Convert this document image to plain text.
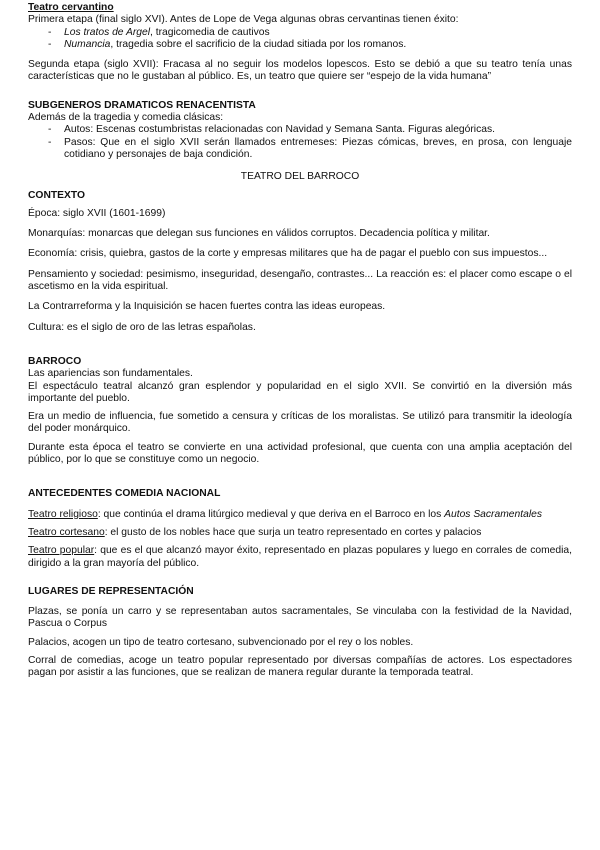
Teatro cervantino

Primera etapa (final siglo XVI). Antes de Lope de Vega algunas obras cervantinas tienen éxito:

- Los tratos de Argel, tragicomedia de cautivos
- Numancia, tragedia sobre el sacrificio de la ciudad sitiada por los romanos.

Segunda etapa (siglo XVII): Fracasa al no seguir los modelos lopescos. Esto se debió a que su teatro tenía unas características que no le gustaban al público. Es, un teatro que quiere ser “espejo de la vida humana”

SUBGENEROS DRAMATICOS RENACENTISTA

Además de la tragedia y comedia clásicas:

- Autos: Escenas costumbristas relacionadas con Navidad y Semana Santa. Figuras alegóricas.
- Pasos: Que en el siglo XVII serán llamados entremeses: Piezas cómicas, breves, en prosa, con lenguaje cotidiano y personajes de baja condición.

TEATRO DEL BARROCO

CONTEXTO

Época: siglo XVII (1601-1699)

Monarquías: monarcas que delegan sus funciones en válidos corruptos. Decadencia política y militar.

Economía: crisis, quiebra, gastos de la corte y empresas militares que ha de pagar el pueblo con sus impuestos...

Pensamiento y sociedad: pesimismo, inseguridad, desengaño, contrastes... La reacción es: el placer como escape o el ascetismo en la vida espiritual.

La Contrarreforma y la Inquisición se hacen fuertes contra las ideas europeas.

Cultura: es el siglo de oro de las letras españolas.

BARROCO

Las apariencias son fundamentales.

El espectáculo teatral alcanzó gran esplendor y popularidad en el siglo XVII. Se convirtió en la diversión más importante del pueblo.

Era un medio de influencia, fue sometido a censura y críticas de los moralistas. Se utilizó para transmitir la ideología del poder monárquico.

Durante esta época el teatro se convierte en una actividad profesional, que cuenta con una amplia aceptación del público, por lo que se constituye como un negocio.

ANTECEDENTES COMEDIA NACIONAL

Teatro religioso: que continúa el drama litúrgico medieval y que deriva en el Barroco en los Autos Sacramentales

Teatro cortesano: el gusto de los nobles hace que surja un teatro representado en cortes y palacios

Teatro popular: que es el que alcanzó mayor éxito, representado en plazas populares y luego en corrales de comedia, dirigido a la gran mayoría del público.

LUGARES DE REPRESENTACIÓN

Plazas, se ponía un carro y se representaban autos sacramentales, Se vinculaba con la festividad de la Navidad, Pascua o Corpus

Palacios, acogen un tipo de teatro cortesano, subvencionado por el rey o los nobles.

Corral de comedias, acoge un teatro popular representado por diversas compañías de actores. Los espectadores pagan por asistir a las funciones, que se realizan de manera regular durante la temporada teatral.
